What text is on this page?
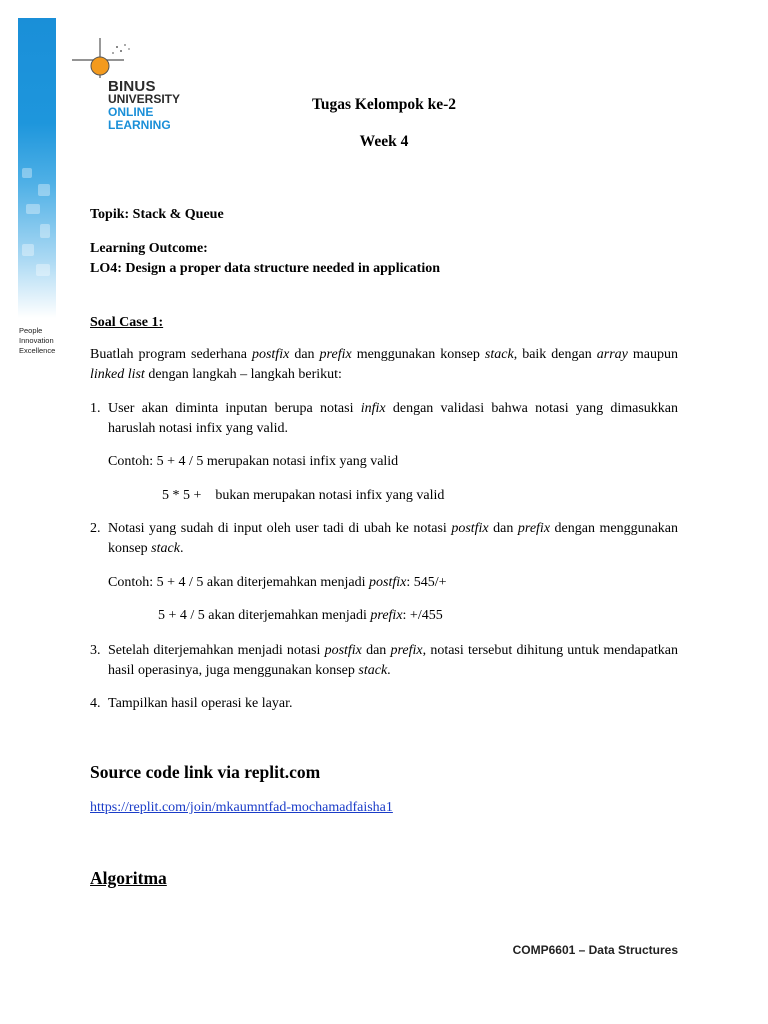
People
Innovation
Excellence
BINUS
UNIVERSITY
ONLINE
LEARNING
Tugas Kelompok ke-2
Week 4
Topik: Stack & Queue
Learning Outcome:
LO4: Design a proper data structure needed in application
Soal Case 1:
Buatlah program sederhana postfix dan prefix menggunakan konsep stack, baik dengan array maupun linked list dengan langkah – langkah berikut:
1. User akan diminta inputan berupa notasi infix dengan validasi bahwa notasi yang dimasukkan haruslah notasi infix yang valid.
Contoh: 5 + 4 / 5 merupakan notasi infix yang valid
5 * 5 +    bukan merupakan notasi infix yang valid
2. Notasi yang sudah di input oleh user tadi di ubah ke notasi postfix dan prefix dengan menggunakan konsep stack.
Contoh: 5 + 4 / 5 akan diterjemahkan menjadi postfix: 545/+
5 + 4 / 5 akan diterjemahkan menjadi prefix: +/455
3. Setelah diterjemahkan menjadi notasi postfix dan prefix, notasi tersebut dihitung untuk mendapatkan hasil operasinya, juga menggunakan konsep stack.
4. Tampilkan hasil operasi ke layar.
Source code link via replit.com
https://replit.com/join/mkaumntfad-mochamadfaisha1
Algoritma
COMP6601 – Data Structures
